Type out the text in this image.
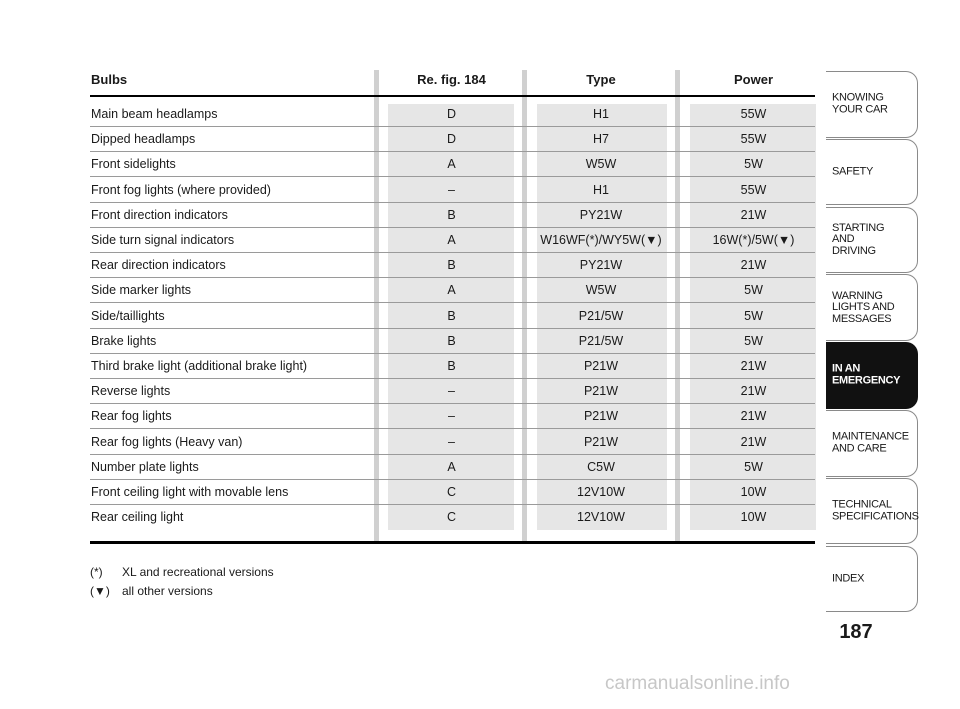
Bulbs	Re. fig. 184	Type	Power
Main beam headlamps	D	H1	55W
Dipped headlamps	D	H7	55W
Front sidelights	A	W5W	5W
Front fog lights (where provided)	–	H1	55W
Front direction indicators	B	PY21W	21W
Side turn signal indicators	A	W16WF(*)/WY5W(▼)	16W(*)/5W(▼)
Rear direction indicators	B	PY21W	21W
Side marker lights	A	W5W	5W
Side/taillights	B	P21/5W	5W
Brake lights	B	P21/5W	5W
Third brake light (additional brake light)	B	P21W	21W
Reverse lights	–	P21W	21W
Rear fog lights	–	P21W	21W
Rear fog lights (Heavy van)	–	P21W	21W
Number plate lights	A	C5W	5W
Front ceiling light with movable lens	C	12V10W	10W
Rear ceiling light	C	12V10W	10W
(*) XL and recreational versions
(▼) all other versions
KNOWING
YOUR CAR
SAFETY
STARTING
AND
DRIVING
WARNING
LIGHTS AND
MESSAGES
IN AN
EMERGENCY
MAINTENANCE
AND CARE
TECHNICAL
SPECIFICATIONS
INDEX
187
carmanualsonline.info
